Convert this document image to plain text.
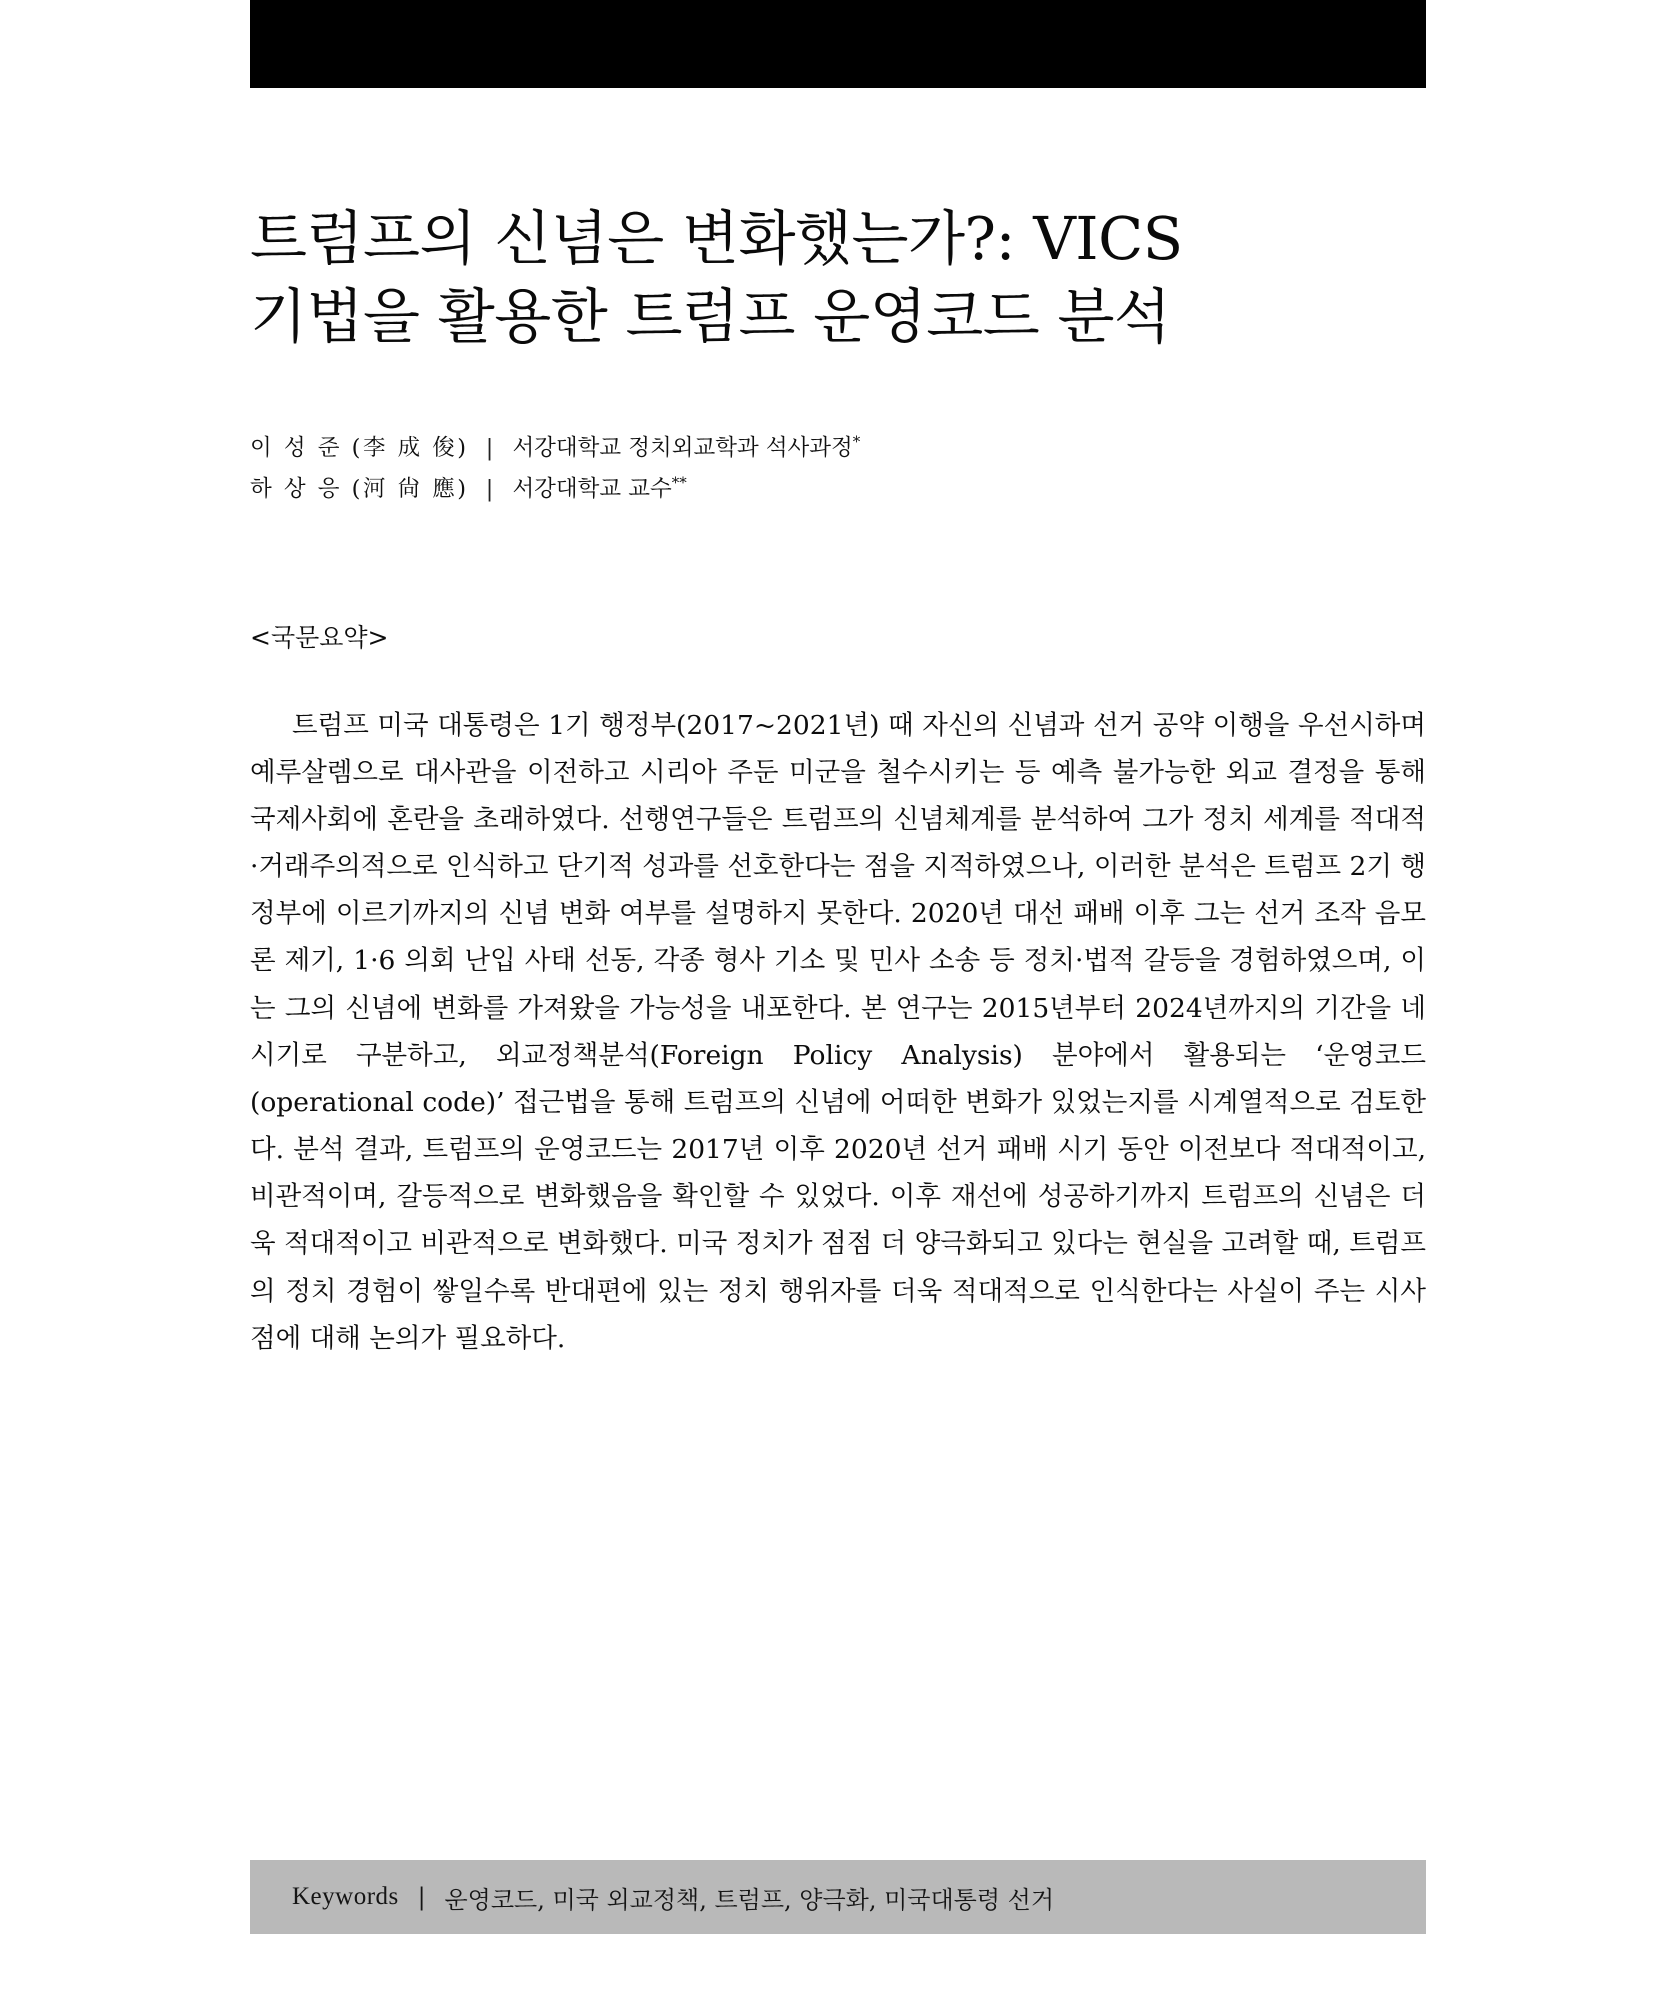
트럼프의 신념은 변화했는가?: VICS
기법을 활용한 트럼프 운영코드 분석
이 성 준 (李 成 俊) | 서강대학교 정치외교학과 석사과정*
하 상 응 (河 尙 應) | 서강대학교 교수**
<국문요약>
트럼프 미국 대통령은 1기 행정부(2017~2021년) 때 자신의 신념과 선거 공약 이행을 우선시하며 예루살렘으로 대사관을 이전하고 시리아 주둔 미군을 철수시키는 등 예측 불가능한 외교 결정을 통해 국제사회에 혼란을 초래하였다. 선행연구들은 트럼프의 신념체계를 분석하여 그가 정치 세계를 적대적·거래주의적으로 인식하고 단기적 성과를 선호한다는 점을 지적하였으나, 이러한 분석은 트럼프 2기 행정부에 이르기까지의 신념 변화 여부를 설명하지 못한다. 2020년 대선 패배 이후 그는 선거 조작 음모론 제기, 1·6 의회 난입 사태 선동, 각종 형사 기소 및 민사 소송 등 정치·법적 갈등을 경험하였으며, 이는 그의 신념에 변화를 가져왔을 가능성을 내포한다. 본 연구는 2015년부터 2024년까지의 기간을 네 시기로 구분하고, 외교정책분석(Foreign Policy Analysis) 분야에서 활용되는 ‘운영코드(operational code)’ 접근법을 통해 트럼프의 신념에 어떠한 변화가 있었는지를 시계열적으로 검토한다. 분석 결과, 트럼프의 운영코드는 2017년 이후 2020년 선거 패배 시기 동안 이전보다 적대적이고, 비관적이며, 갈등적으로 변화했음을 확인할 수 있었다. 이후 재선에 성공하기까지 트럼프의 신념은 더욱 적대적이고 비관적으로 변화했다. 미국 정치가 점점 더 양극화되고 있다는 현실을 고려할 때, 트럼프의 정치 경험이 쌓일수록 반대편에 있는 정치 행위자를 더욱 적대적으로 인식한다는 사실이 주는 시사점에 대해 논의가 필요하다.
Keywords | 운영코드, 미국 외교정책, 트럼프, 양극화, 미국대통령 선거
